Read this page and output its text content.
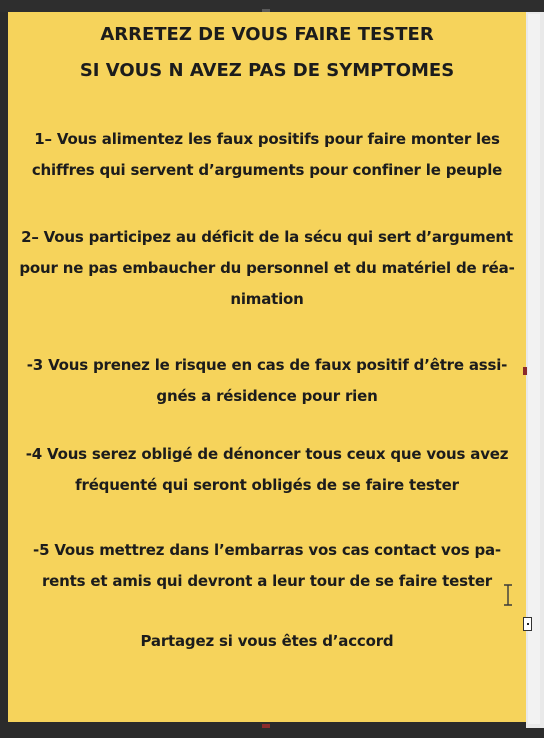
ARRETEZ DE VOUS FAIRE TESTER
SI VOUS N AVEZ PAS DE SYMPTOMES
1– Vous alimentez les faux positifs pour faire monter les
chiffres qui servent d’arguments pour confiner le peuple
2– Vous participez au déficit de la sécu qui sert d’argument
pour ne pas embaucher du personnel et du matériel de réa-
nimation
-3 Vous prenez le risque en cas de faux positif d’être assi-
gnés a résidence pour rien
-4 Vous serez obligé de dénoncer tous ceux que vous avez
fréquenté qui seront obligés de se faire tester
-5 Vous mettrez dans l’embarras vos cas contact vos pa-
rents et amis qui devront a leur tour de se faire tester
Partagez si vous êtes d’accord
